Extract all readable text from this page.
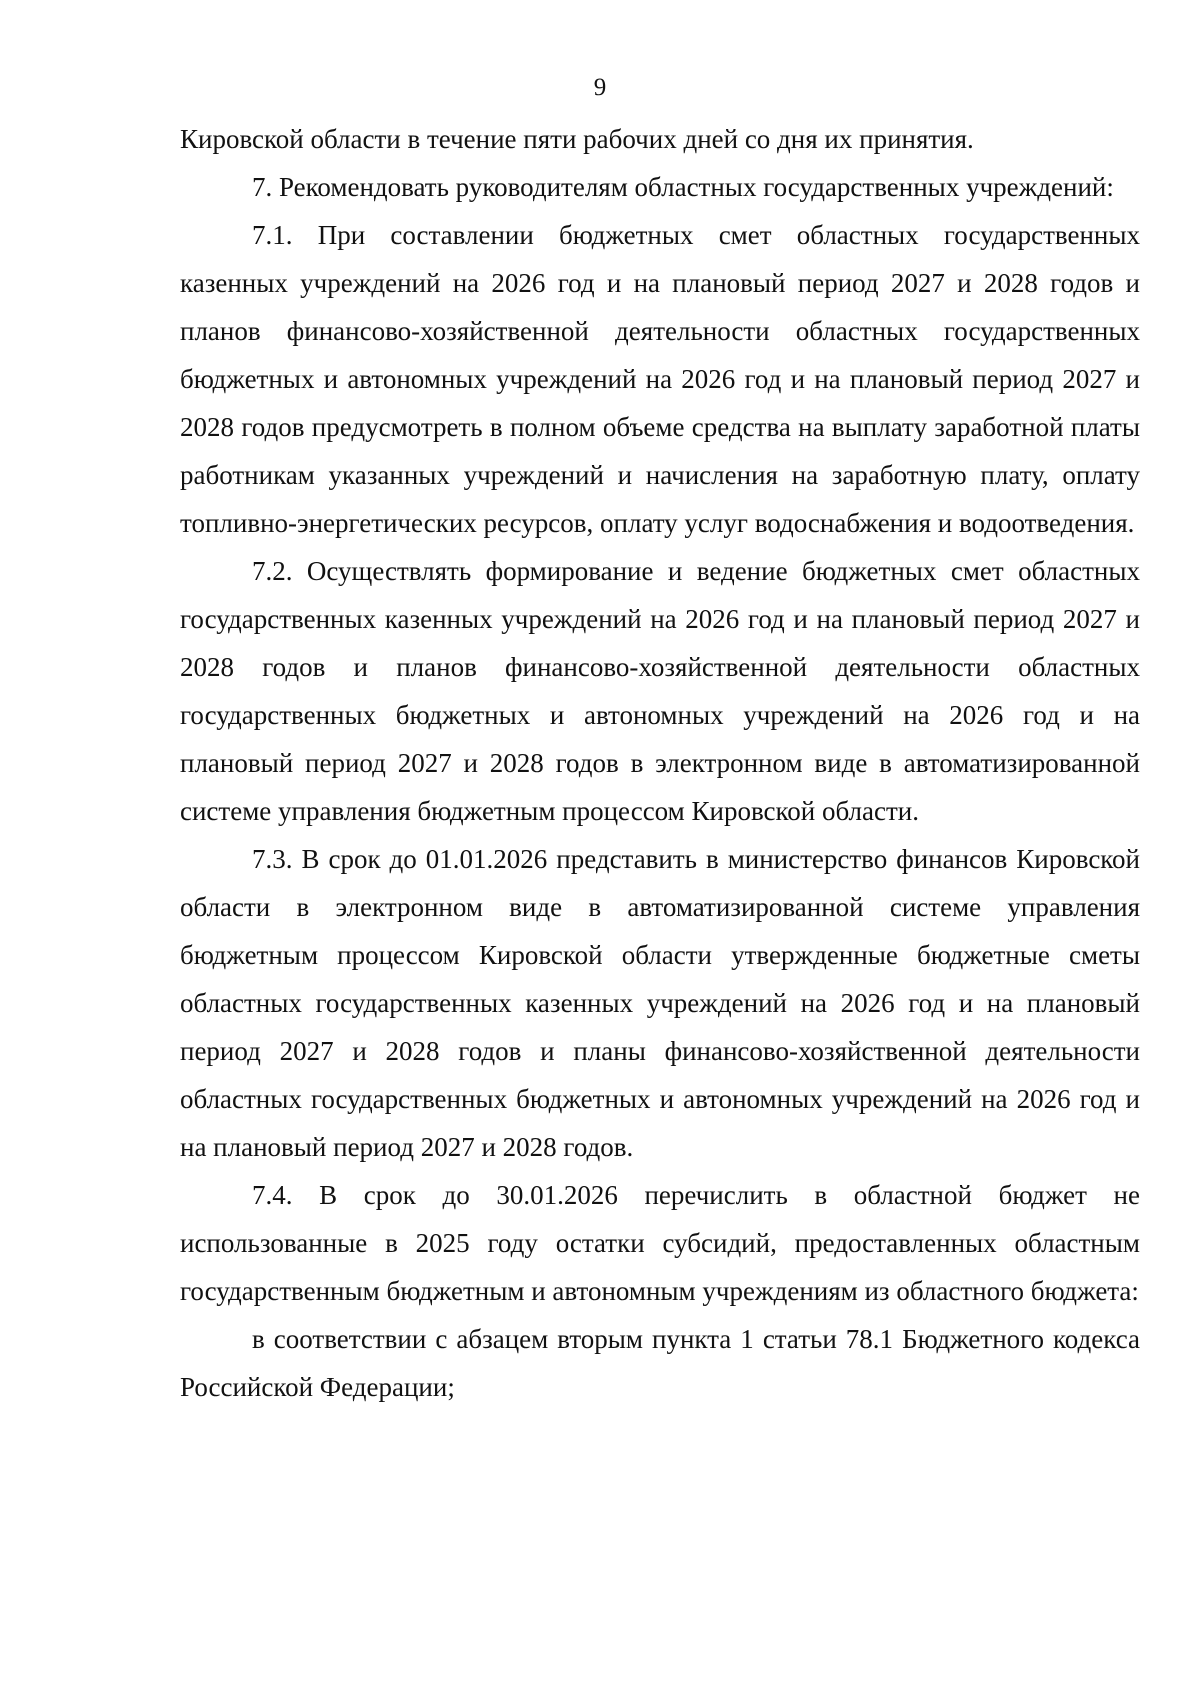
9

Кировской области в течение пяти рабочих дней со дня их принятия.

7. Рекомендовать руководителям областных государственных учреждений:

7.1. При составлении бюджетных смет областных государственных казенных учреждений на 2026 год и на плановый период 2027 и 2028 годов и планов финансово-хозяйственной деятельности областных государственных бюджетных и автономных учреждений на 2026 год и на плановый период 2027 и 2028 годов предусмотреть в полном объеме средства на выплату заработной платы работникам указанных учреждений и начисления на заработную плату, оплату топливно-энергетических ресурсов, оплату услуг водоснабжения и водоотведения.

7.2. Осуществлять формирование и ведение бюджетных смет областных государственных казенных учреждений на 2026 год и на плановый период 2027 и 2028 годов и планов финансово-хозяйственной деятельности областных государственных бюджетных и автономных учреждений на 2026 год и на плановый период 2027 и 2028 годов в электронном виде в автоматизированной системе управления бюджетным процессом Кировской области.

7.3. В срок до 01.01.2026 представить в министерство финансов Кировской области в электронном виде в автоматизированной системе управления бюджетным процессом Кировской области утвержденные бюджетные сметы областных государственных казенных учреждений на 2026 год и на плановый период 2027 и 2028 годов и планы финансово-хозяйственной деятельности областных государственных бюджетных и автономных учреждений на 2026 год и на плановый период 2027 и 2028 годов.

7.4. В срок до 30.01.2026 перечислить в областной бюджет не использованные в 2025 году остатки субсидий, предоставленных областным государственным бюджетным и автономным учреждениям из областного бюджета:

в соответствии с абзацем вторым пункта 1 статьи 78.1 Бюджетного кодекса Российской Федерации;
